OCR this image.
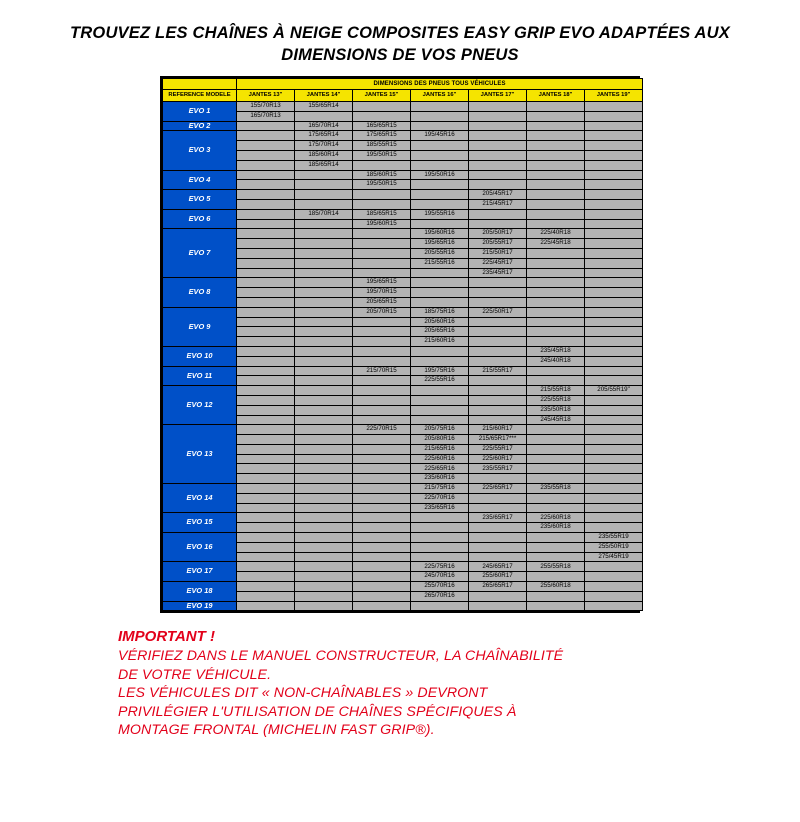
TROUVEZ LES CHAÎNES À NEIGE COMPOSITES EASY GRIP EVO ADAPTÉES AUX DIMENSIONS DE VOS PNEUS
	DIMENSIONS DES PNEUS TOUS VÉHICULES							
REFERENCE MODELE	JANTES 13"	JANTES 14"	JANTES 15"	JANTES 16"	JANTES 17"	JANTES 18"	JANTES 19"	
EVO 1	155/70R13	155/65R14						
	165/70R13							
EVO 2		165/70R14	165/65R15					
EVO 3		175/65R14	175/65R15	195/45R16				
		175/70R14	185/55R15					
		185/60R14	195/50R15					
		185/65R14						
EVO 4			185/60R15	195/50R16				
			195/50R15					
EVO 5					205/45R17			
					215/45R17			
EVO 6		185/70R14	185/65R15	195/55R16				
			195/60R15					
EVO 7				195/60R16	205/50R17	225/40R18		
				195/65R16	205/55R17	225/45R18		
				205/55R16	215/50R17			
				215/55R16	225/45R17			
					235/45R17			
EVO 8			195/65R15					
			195/70R15					
			205/65R15					
EVO 9			205/70R15	185/75R16	225/50R17			
				205/60R16				
				205/65R16				
				215/60R16				
EVO 10						235/45R18		
						245/40R18		
EVO 11			215/70R15	195/75R16	215/55R17			
				225/55R16				
EVO 12						215/55R18	205/55R19"	
						225/55R18		
						235/50R18		
						245/45R18		
EVO 13			225/70R15	205/75R16	215/60R17			
				205/80R16	215/65R17***			
				215/65R16	225/55R17			
				225/60R16	225/60R17			
				225/65R16	235/55R17			
				235/60R16				
EVO 14				215/75R16	225/65R17	235/55R18		
				225/70R16				
				235/65R16				
EVO 15					235/65R17	225/60R18		
						235/60R18		
EVO 16							235/55R19	
							255/50R19	
							275/45R19	
EVO 17				225/75R16	245/65R17	255/55R18		
				245/70R16	255/60R17			
EVO 18				255/70R16	265/65R17	255/60R18		
				265/70R16				
EVO 19								
IMPORTANT !
VÉRIFIEZ DANS LE MANUEL CONSTRUCTEUR, LA CHAÎNABILITÉ
DE VOTRE VÉHICULE.
LES VÉHICULES DIT « NON-CHAÎNABLES » DEVRONT
PRIVILÉGIER L'UTILISATION DE CHAÎNES SPÉCIFIQUES À
MONTAGE FRONTAL (MICHELIN FAST GRIP®).
